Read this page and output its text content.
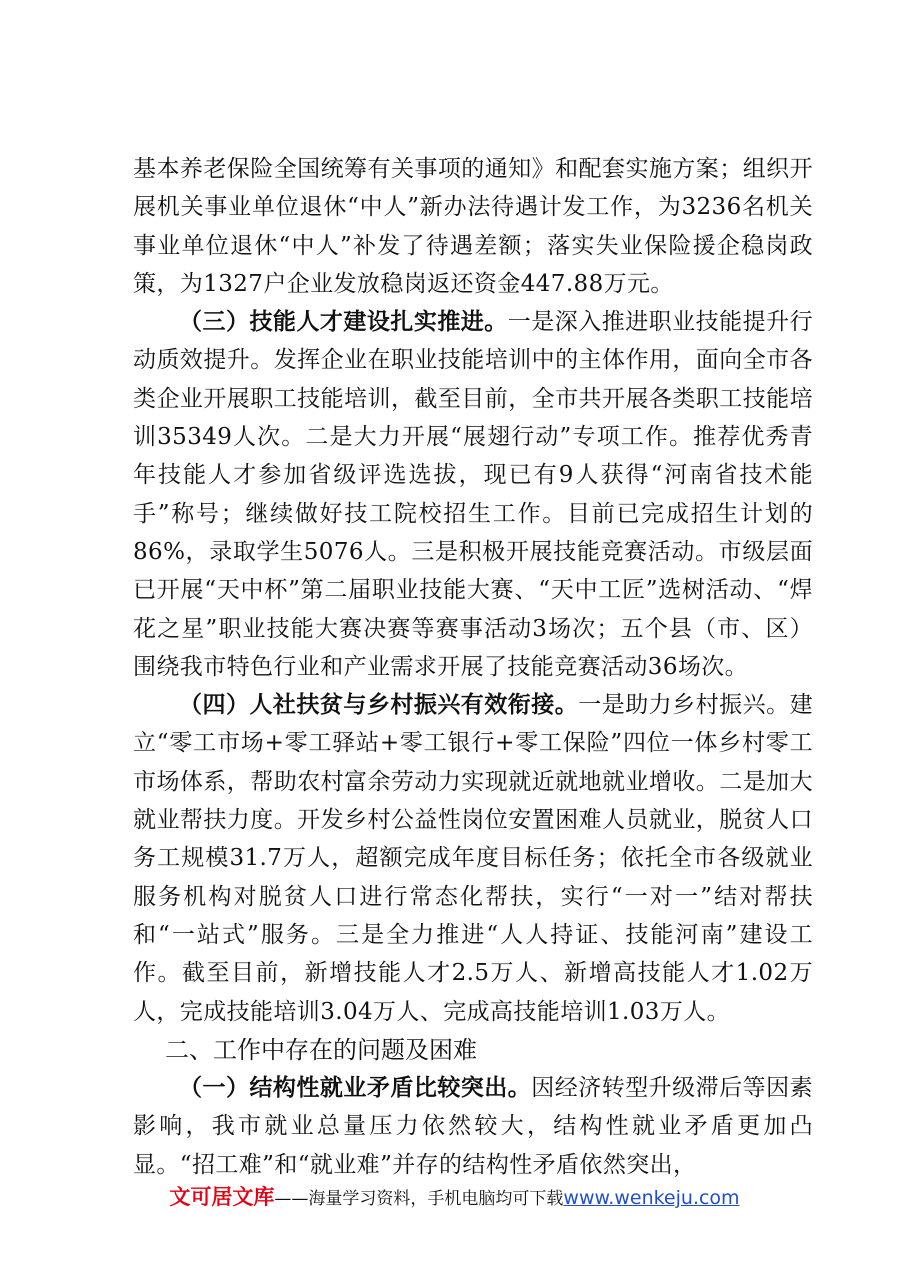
基本养老保险全国统筹有关事项的通知》和配套实施方案；组织开展机关事业单位退休“中人”新办法待遇计发工作，为3236名机关事业单位退休“中人”补发了待遇差额；落实失业保险援企稳岗政策，为1327户企业发放稳岗返还资金447.88万元。

（三）技能人才建设扎实推进。一是深入推进职业技能提升行动质效提升。发挥企业在职业技能培训中的主体作用，面向全市各类企业开展职工技能培训，截至目前，全市共开展各类职工技能培训35349人次。二是大力开展“展翅行动”专项工作。推荐优秀青年技能人才参加省级评选选拔，现已有9人获得“河南省技术能手”称号；继续做好技工院校招生工作。目前已完成招生计划的86%，录取学生5076人。三是积极开展技能竞赛活动。市级层面已开展“天中杯”第二届职业技能大赛、“天中工匠”选树活动、“焊花之星”职业技能大赛决赛等赛事活动3场次；五个县（市、区）围绕我市特色行业和产业需求开展了技能竞赛活动36场次。

（四）人社扶贫与乡村振兴有效衔接。一是助力乡村振兴。建立“零工市场+零工驿站+零工银行+零工保险”四位一体乡村零工市场体系，帮助农村富余劳动力实现就近就地就业增收。二是加大就业帮扶力度。开发乡村公益性岗位安置困难人员就业，脱贫人口务工规模31.7万人，超额完成年度目标任务；依托全市各级就业服务机构对脱贫人口进行常态化帮扶，实行“一对一”结对帮扶和“一站式”服务。三是全力推进“人人持证、技能河南”建设工作。截至目前，新增技能人才2.5万人、新增高技能人才1.02万人，完成技能培训3.04万人、完成高技能培训1.03万人。

二、工作中存在的问题及困难

（一）结构性就业矛盾比较突出。因经济转型升级滞后等因素影响，我市就业总量压力依然较大，结构性就业矛盾更加凸显。“招工难”和“就业难”并存的结构性矛盾依然突出，

文可居文库——海量学习资料，手机电脑均可下载www.wenkeju.com
